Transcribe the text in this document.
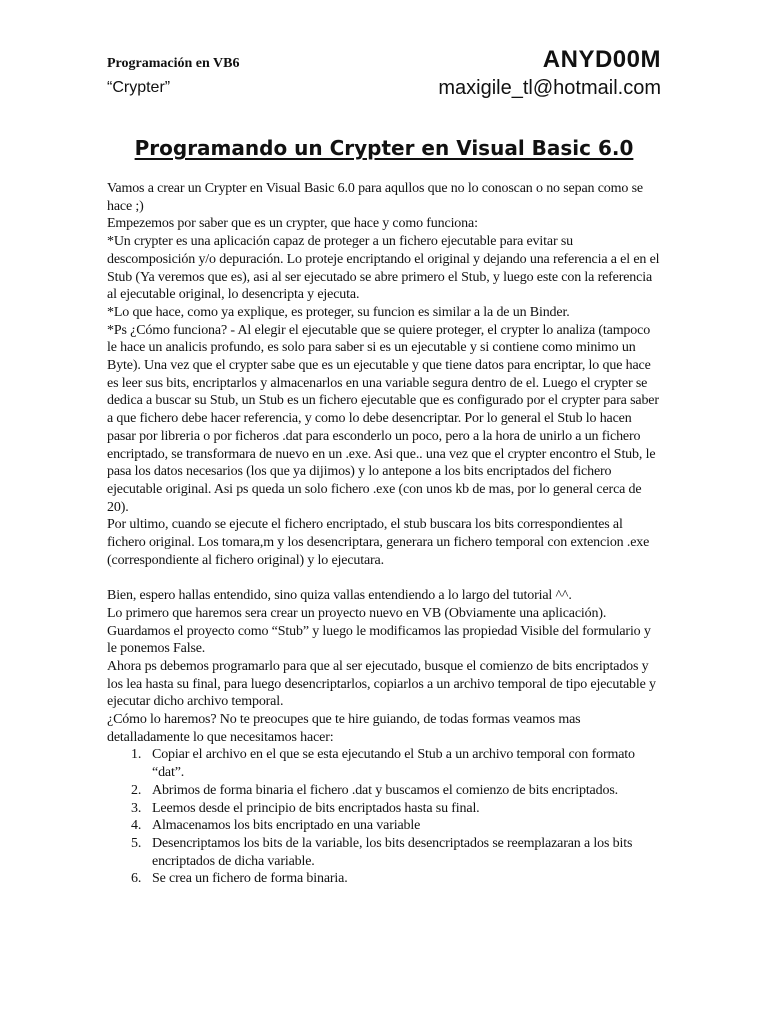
Programación en VB6
“Crypter”
ANYD00M
maxigile_tl@hotmail.com
Programando un Crypter en Visual Basic 6.0

Vamos a crear un Crypter en Visual Basic 6.0 para aqullos que no lo conoscan o no sepan como se hace ;)

Empezemos por saber que es un crypter, que hace y como funciona:

*Un crypter es una aplicación capaz de proteger a un fichero ejecutable para evitar su descomposición y/o depuración. Lo proteje encriptando el original y dejando una referencia a el en el Stub (Ya veremos que es), asi al ser ejecutado se abre primero el Stub, y luego este con la referencia al ejecutable original, lo desencripta y ejecuta.

*Lo que hace, como ya explique, es proteger, su funcion es similar a la de un Binder.

*Ps ¿Cómo funciona? - Al elegir el ejecutable que se quiere proteger, el crypter lo analiza (tampoco le hace un analicis profundo, es solo para saber si es un ejecutable y si contiene como minimo un Byte). Una vez que el crypter sabe que es un ejecutable y que tiene datos para encriptar, lo que hace es leer sus bits, encriptarlos y almacenarlos en una variable segura dentro de el. Luego el crypter se dedica a buscar su Stub, un Stub es un fichero ejecutable que es configurado por el crypter para saber a que fichero debe hacer referencia, y como lo debe desencriptar. Por lo general el Stub lo hacen pasar por libreria o por ficheros .dat para esconderlo un poco, pero a la hora de unirlo a un fichero encriptado, se transformara de nuevo en un .exe. Asi que.. una vez que el crypter encontro el Stub, le pasa los datos necesarios (los que ya dijimos) y lo antepone a los bits encriptados del fichero ejecutable original. Asi ps queda un solo fichero .exe (con unos kb de mas, por lo general cerca de 20).

Por ultimo, cuando se ejecute el fichero encriptado, el stub buscara los bits correspondientes al fichero original. Los tomara,m y los desencriptara, generara un fichero temporal con extencion .exe (correspondiente al fichero original) y lo ejecutara.

Bien, espero hallas entendido, sino quiza vallas entendiendo a lo largo del tutorial ^^.

Lo primero que haremos sera crear un proyecto nuevo en VB (Obviamente una aplicación). Guardamos el proyecto como “Stub” y luego le modificamos las propiedad Visible del formulario y le ponemos False.

Ahora ps debemos programarlo para que al ser ejecutado, busque el comienzo de bits encriptados y los lea hasta su final, para luego desencriptarlos, copiarlos a un archivo temporal de tipo ejecutable y ejecutar dicho archivo temporal.

¿Cómo lo haremos? No te preocupes que te hire guiando, de todas formas veamos mas detalladamente lo que necesitamos hacer:

1. Copiar el archivo en el que se esta ejecutando el Stub a un archivo temporal con formato “dat”.
2. Abrimos de forma binaria el fichero .dat y buscamos el comienzo de bits encriptados.
3. Leemos desde el principio de bits encriptados hasta su final.
4. Almacenamos los bits encriptado en una variable
5. Desencriptamos los bits de la variable, los bits desencriptados se reemplazaran a los bits encriptados de dicha variable.
6. Se crea un fichero de forma binaria.
